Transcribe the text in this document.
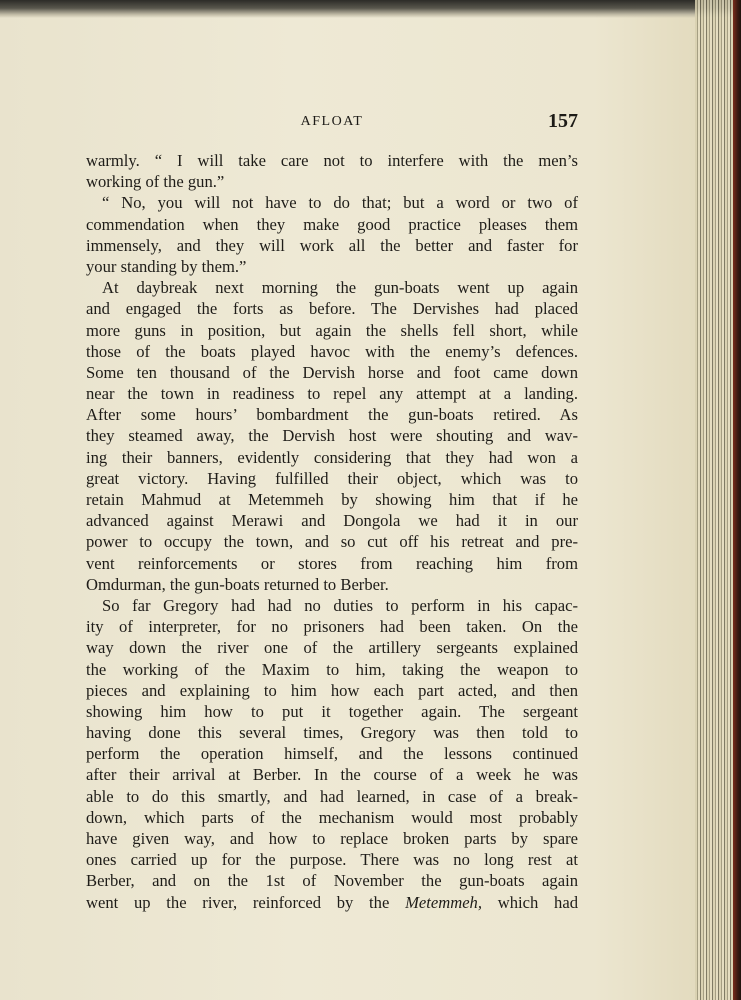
AFLOAT	157
warmly. “ I will take care not to interfere with the men’s
working of the gun.”
“ No, you will not have to do that; but a word or two of
commendation when they make good practice pleases them
immensely, and they will work all the better and faster for
your standing by them.”
At daybreak next morning the gun-boats went up again
and engaged the forts as before. The Dervishes had placed
more guns in position, but again the shells fell short, while
those of the boats played havoc with the enemy’s defences.
Some ten thousand of the Dervish horse and foot came down
near the town in readiness to repel any attempt at a landing.
After some hours’ bombardment the gun-boats retired. As
they steamed away, the Dervish host were shouting and wav-
ing their banners, evidently considering that they had won a
great victory. Having fulfilled their object, which was to
retain Mahmud at Metemmeh by showing him that if he
advanced against Merawi and Dongola we had it in our
power to occupy the town, and so cut off his retreat and pre-
vent reinforcements or stores from reaching him from
Omdurman, the gun-boats returned to Berber.
So far Gregory had had no duties to perform in his capac-
ity of interpreter, for no prisoners had been taken. On the
way down the river one of the artillery sergeants explained
the working of the Maxim to him, taking the weapon to
pieces and explaining to him how each part acted, and then
showing him how to put it together again. The sergeant
having done this several times, Gregory was then told to
perform the operation himself, and the lessons continued
after their arrival at Berber. In the course of a week he was
able to do this smartly, and had learned, in case of a break-
down, which parts of the mechanism would most probably
have given way, and how to replace broken parts by spare
ones carried up for the purpose. There was no long rest at
Berber, and on the 1st of November the gun-boats again
went up the river, reinforced by the Metemmeh, which had
